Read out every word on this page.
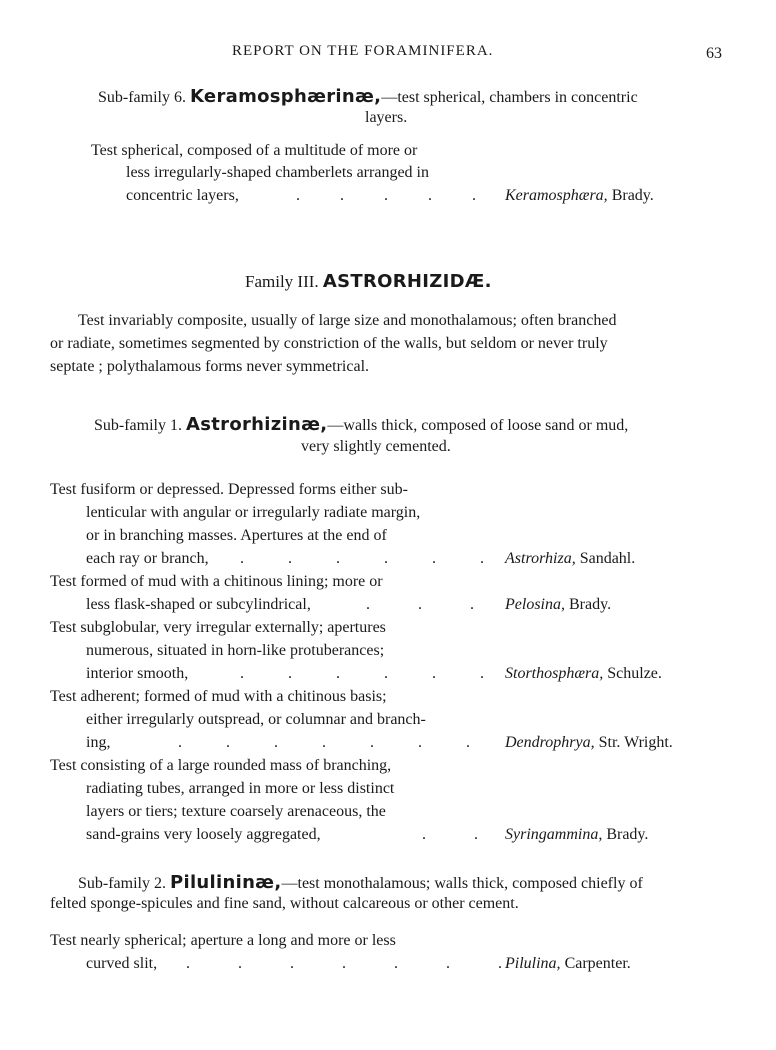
REPORT ON THE FORAMINIFERA.	63
Sub-family 6. Keramosphærinæ,—test spherical, chambers in concentric
layers.
Test spherical, composed of a multitude of more or
less irregularly-shaped chamberlets arranged in
concentric layers,	.          .          .          .          . Keramosphæra, Brady.
Family III. ASTRORHIZIDÆ.
Test invariably composite, usually of large size and monothalamous; often branched
or radiate, sometimes segmented by constriction of the walls, but seldom or never truly
septate ; polythalamous forms never symmetrical.
Sub-family 1. Astrorhizinæ,—walls thick, composed of loose sand or mud,
very slightly cemented.
Test fusiform or depressed. Depressed forms either sub-
lenticular with angular or irregularly radiate margin,
or in branching masses. Apertures at the end of
each ray or branch, .           .           .           .           .           . Astrorhiza, Sandahl.
Test formed of mud with a chitinous lining; more or
less flask-shaped or subcylindrical,	.            .            . Pelosina, Brady.
Test subglobular, very irregular externally; apertures
numerous, situated in horn-like protuberances;
interior smooth,	.           .           .           .           .           . Storthosphæra, Schulze.
Test adherent; formed of mud with a chitinous basis;
either irregularly outspread, or columnar and branch-
ing,	.           .           .           .           .           .           . Dendrophrya, Str. Wright.
Test consisting of a large rounded mass of branching,
radiating tubes, arranged in more or less distinct
layers or tiers; texture coarsely arenaceous, the
sand-grains very loosely aggregated,	.            . Syringammina, Brady.
Sub-family 2. Pilulininæ,—test monothalamous; walls thick, composed chiefly of
felted sponge-spicules and fine sand, without calcareous or other cement.
Test nearly spherical; aperture a long and more or less
curved slit, .            .            .            .            .            .            . Pilulina, Carpenter.
